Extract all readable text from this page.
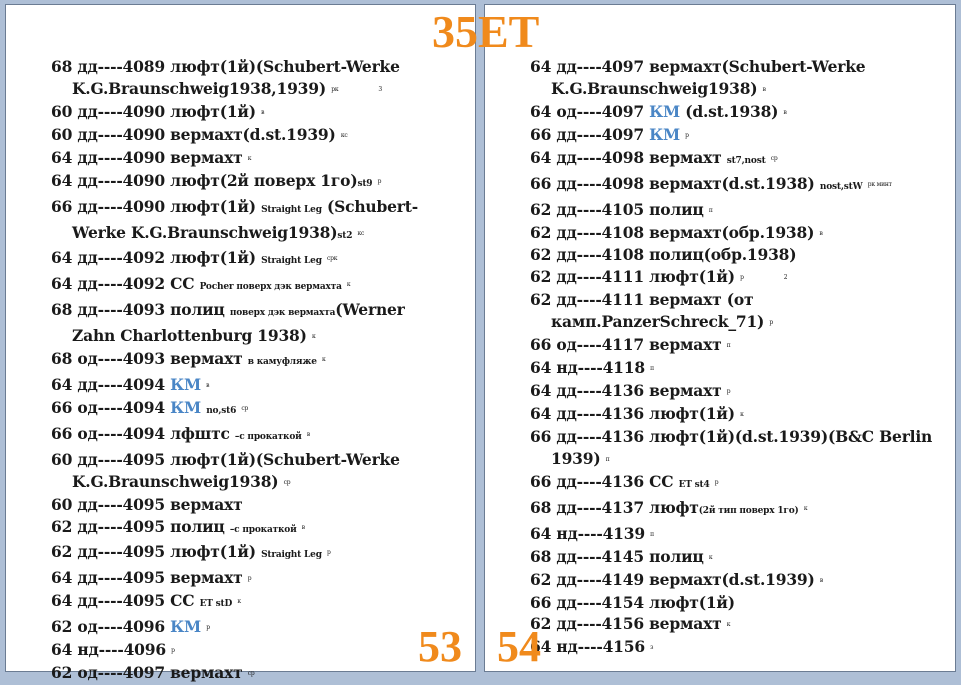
35ET
68 дд----4089 люфт(1й)(Schubert-Werke
K.G.Braunschweig1938,1939) рк	3
60 дд----4090 люфт(1й) в
60 дд----4090 вермахт(d.st.1939) кс
64 дд----4090 вермахт к
64 дд----4090 люфт(2й поверх 1го)st9 р
66 дд----4090 люфт(1й) Straight Leg (Schubert-
Werke K.G.Braunschweig1938)st2 кс
64 дд----4092 люфт(1й) Straight Leg срк
64 дд----4092 СС Pocher поверх дэк вермахта к
68 дд----4093 полиц поверх дэк вермахта(Werner
Zahn Charlottenburg 1938) к
68 од----4093 вермахт в камуфляже к
64 дд----4094 КМ в
66 од----4094 КМ no,st6 ср
66 од----4094 лфштс –с прокаткой в
60 дд----4095 люфт(1й)(Schubert-Werke
K.G.Braunschweig1938) ср
60 дд----4095 вермахт
62 дд----4095 полиц –с прокаткой в
62 дд----4095 люфт(1й) Straight Leg р
64 дд----4095 вермахт р
64 дд----4095 СС ET stD к
62 од----4096 КМ р
64 нд----4096 р
62 од----4097 вермахт ср
53
64 дд----4097 вермахт(Schubert-Werke
K.G.Braunschweig1938) в
64 од----4097 КМ (d.st.1938) в
66 дд----4097 КМ р
64 дд----4098 вермахт st7,nost ср
66 дд----4098 вермахт(d.st.1938) nost,stW рк минт
62 дд----4105 полиц п
62 дд----4108 вермахт(обр.1938) в
62 дд----4108 полиц(обр.1938)
62 дд----4111 люфт(1й) р	2
62 дд----4111 вермахт (от
камп.PanzerSchreck_71) р
66 од----4117 вермахт п
64 нд----4118 п
64 дд----4136 вермахт р
64 дд----4136 люфт(1й) к
66 дд----4136 люфт(1й)(d.st.1939)(B&C Berlin
1939) п
66 дд----4136 СС ET st4 р
68 дд----4137 люфт(2й тип поверх 1го) к
64 нд----4139 п
68 дд----4145 полиц к
62 дд----4149 вермахт(d.st.1939) в
66 дд----4154 люфт(1й)
62 дд----4156 вермахт к
64 нд----4156 з
54
